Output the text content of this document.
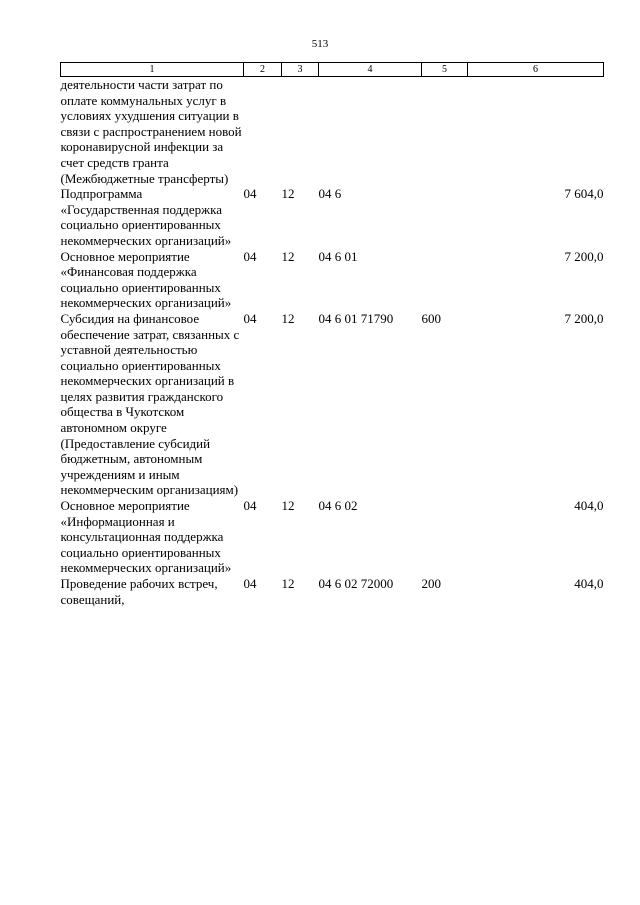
513
1	2	3	4	5	6
деятельности части затрат по оплате коммунальных услуг в условиях ухудшения ситуации в связи с распространением новой коронавирусной инфекции за счет средств гранта (Межбюджетные трансферты)					
Подпрограмма «Государственная поддержка социально ориентированных некоммерческих организаций»	04	12	04 6		7 604,0
Основное мероприятие «Финансовая поддержка социально ориентированных некоммерческих организаций»	04	12	04 6 01		7 200,0
Субсидия на финансовое обеспечение затрат, связанных с уставной деятельностью социально ориентированных некоммерческих организаций в целях развития гражданского общества в Чукотском автономном округе (Предоставление субсидий бюджетным, автономным учреждениям и иным некоммерческим организациям)	04	12	04 6 01 71790	600	7 200,0
Основное мероприятие «Информационная и консультационная поддержка социально ориентированных некоммерческих организаций»	04	12	04 6 02		404,0
Проведение рабочих встреч, совещаний,	04	12	04 6 02 72000	200	404,0
